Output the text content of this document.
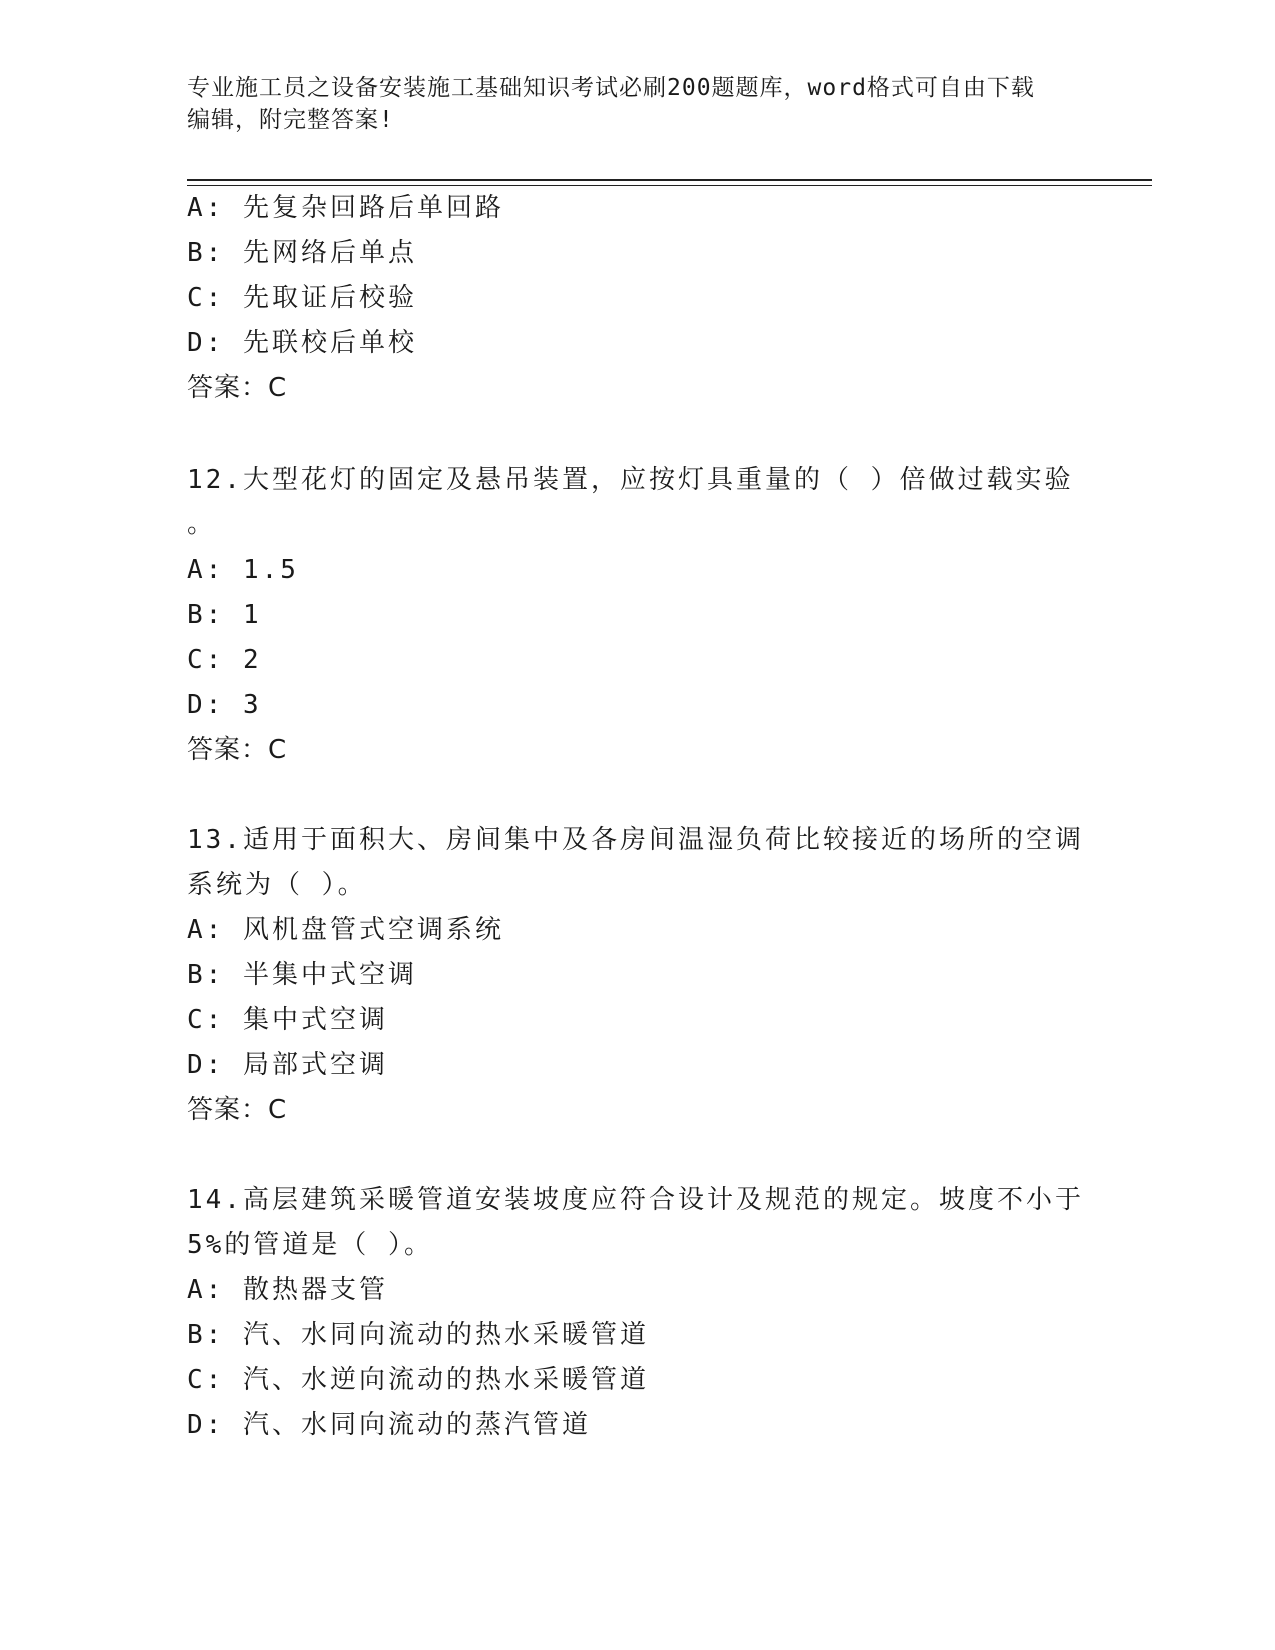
专业施工员之设备安装施工基础知识考试必刷200题题库，word格式可自由下载
编辑，附完整答案!
A: 先复杂回路后单回路
B: 先网络后单点
C: 先取证后校验
D: 先联校后单校
答案：C
12.大型花灯的固定及悬吊装置，应按灯具重量的（ ）倍做过载实验
。
A: 1.5
B: 1
C: 2
D: 3
答案：C
13.适用于面积大、房间集中及各房间温湿负荷比较接近的场所的空调
系统为（ ）。
A: 风机盘管式空调系统
B: 半集中式空调
C: 集中式空调
D: 局部式空调
答案：C
14.高层建筑采暖管道安装坡度应符合设计及规范的规定。坡度不小于
5%的管道是（ ）。
A: 散热器支管
B: 汽、水同向流动的热水采暖管道
C: 汽、水逆向流动的热水采暖管道
D: 汽、水同向流动的蒸汽管道
